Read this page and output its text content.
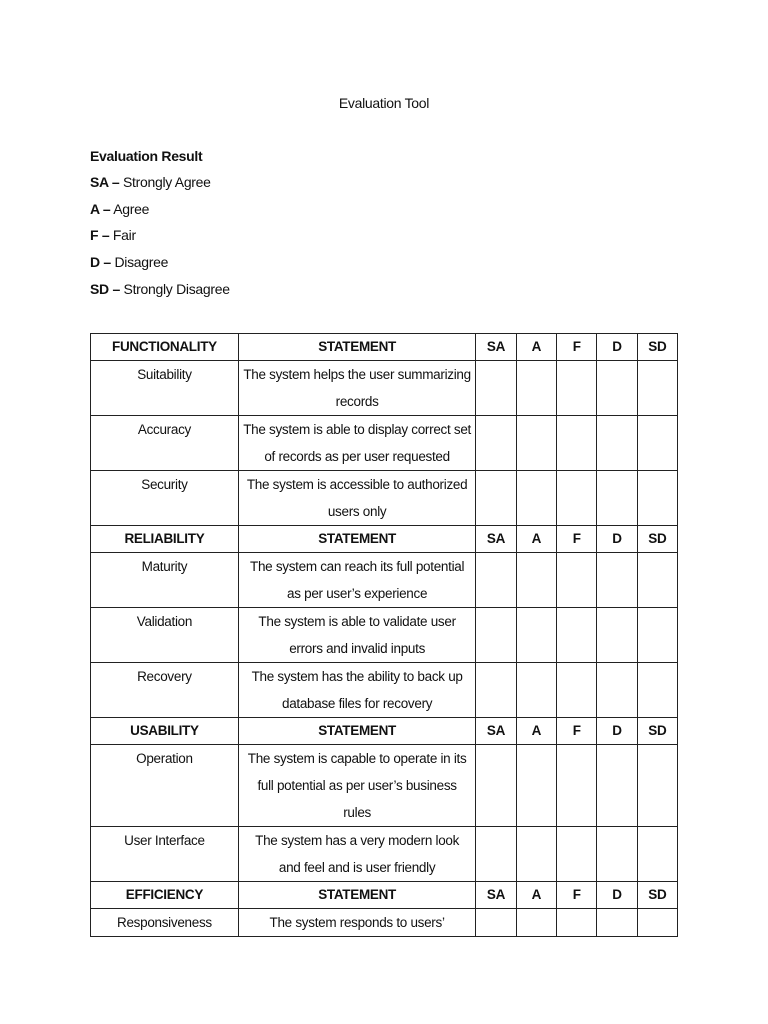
Evaluation Tool
Evaluation Result
SA – Strongly Agree
A – Agree
F – Fair
D – Disagree
SD – Strongly Disagree
FUNCTIONALITY	STATEMENT	SA	A	F	D	SD
Suitability	The system helps the user summarizing records					
Accuracy	The system is able to display correct set of records as per user requested					
Security	The system is accessible to authorized users only					
RELIABILITY	STATEMENT	SA	A	F	D	SD
Maturity	The system can reach its full potential as per user’s experience					
Validation	The system is able to validate user errors and invalid inputs					
Recovery	The system has the ability to back up database files for recovery					
USABILITY	STATEMENT	SA	A	F	D	SD
Operation	The system is capable to operate in its full potential as per user’s business rules					
User Interface	The system has a very modern look and feel and is user friendly					
EFFICIENCY	STATEMENT	SA	A	F	D	SD
Responsiveness	The system responds to users’					
